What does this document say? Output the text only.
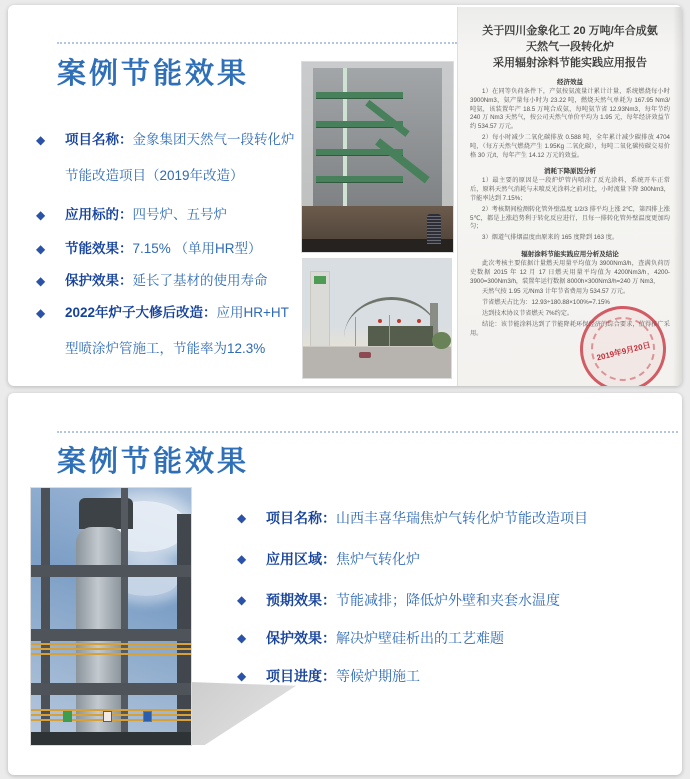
案例节能效果
◆	项目名称：金象集团天然气一段转化炉节能改造项目（2019年改造）

◆	应用标的：四号炉、五号炉

◆	节能效果：7.15% （单用HR型）

◆	保护效果：延长了基材的使用寿命

◆	2022年炉子大修后改造：应用HR+HT型喷涂炉管施工，节能率为12.3%

关于四川金象化工 20 万吨/年合成氨
天然气一段转化炉
采用辐射涂料节能实践应用报告
经济效益

1）在同等负荷条件下，产氨按氨流量计累计计量，系统燃烧每小时 3900Nm3，氨产量每小时为 23.22 吨，燃烧天然气单耗为 167.95 Nm3/吨氨，该装置年产 18.5 万吨合成氨，每吨氨节省 12.93Nm3，每年节约 240 万 Nm3 天然气，按公司天然气单价平均为 1.95 元，每年经济效益节约 534.57 万元。

2）每小时减少二氧化碳排放 0.588 吨，全年累计减少碳排放 4704 吨，（每方天然气燃烧产生 1.95Kg 二氧化碳），每吨二氧化碳按碳交易价格 30 元/t，每年产生 14.12 万元的效益。

消耗下降原因分析

1）最主要的原因是一段炉炉管内喷涂了反光涂料，系统开车正常后，原料天然气消耗与未喷反光涂料之前对比，小时流量下降 300Nm3，节能率达到 7.15%；

2）考核期间检测转化管外壁温度 1/2/3 排平均上涨 2℃，第四排上涨 5℃，都是上涨趋势利于转化反应进行，且每一排转化管外壁温度更加均匀；

3）烟道气排烟温度由原来的 165 度降到 163 度。

辐射涂料节能实践应用分析及结论

此次考核主要依据计量燃天用量平均值为 3900Nm3/h，查满负荷历史数据 2015 年 12 月 17 日燃天用量平均值为 4200Nm3/h，4200-3900=300Nm3/h，装置年运行数据 8000h×300Nm3/h=240 万 Nm3，

天然气按 1.95 元/Nm3 计年节省费用为 534.57 万元。

节省燃天占比为：12.93÷180.88×100%=7.15%

达到技术协议节省燃天 7%约定。

结论：该节能涂料达到了节能降耗环保经济的综合要求，值得推广采用。

2019年9月20日
案例节能效果
◆	项目名称：山西丰喜华瑞焦炉气转化炉节能改造项目

◆	应用区域：焦炉气转化炉

◆	预期效果：节能减排；降低炉外壁和夹套水温度

◆	保护效果：解决炉壁硅析出的工艺难题

◆	项目进度：等候炉期施工
